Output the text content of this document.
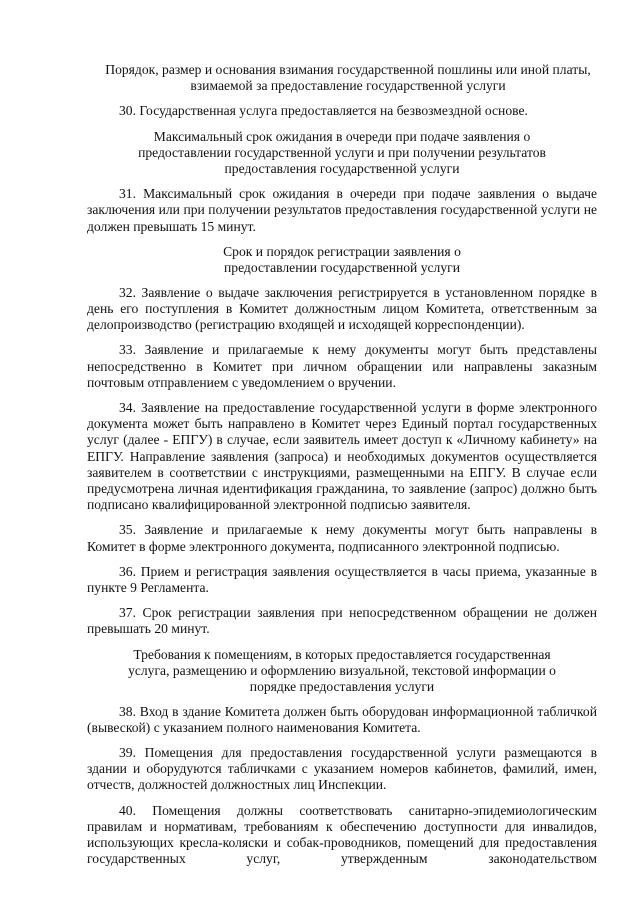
Порядок, размер и основания взимания государственной пошлины или иной платы, взимаемой за предоставление государственной услуги

30. Государственная услуга предоставляется на безвозмездной основе.

Максимальный срок ожидания в очереди при подаче заявления о предоставлении государственной услуги и при получении результатов предоставления государственной услуги

31. Максимальный срок ожидания в очереди при подаче заявления о выдаче заключения или при получении результатов предоставления государственной услуги не должен превышать 15 минут.

Срок и порядок регистрации заявления о предоставлении государственной услуги

32. Заявление о выдаче заключения регистрируется в установленном порядке в день его поступления в Комитет должностным лицом Комитета, ответственным за делопроизводство (регистрацию входящей и исходящей корреспонденции).

33. Заявление и прилагаемые к нему документы могут быть представлены непосредственно в Комитет при личном обращении или направлены заказным почтовым отправлением с уведомлением о вручении.

34. Заявление на предоставление государственной услуги в форме электронного документа может быть направлено в Комитет через Единый портал государственных услуг (далее - ЕПГУ) в случае, если заявитель имеет доступ к «Личному кабинету» на ЕПГУ. Направление заявления (запроса) и необходимых документов осуществляется заявителем в соответствии с инструкциями, размещенными на ЕПГУ. В случае если предусмотрена личная идентификация гражданина, то заявление (запрос) должно быть подписано квалифицированной электронной подписью заявителя.

35. Заявление и прилагаемые к нему документы могут быть направлены в Комитет в форме электронного документа, подписанного электронной подписью.

36. Прием и регистрация заявления осуществляется в часы приема, указанные в пункте 9 Регламента.

37. Срок регистрации заявления при непосредственном обращении не должен превышать 20 минут.

Требования к помещениям, в которых предоставляется государственная услуга, размещению и оформлению визуальной, текстовой информации о порядке предоставления услуги

38. Вход в здание Комитета должен быть оборудован информационной табличкой (вывеской) с указанием полного наименования Комитета.

39. Помещения для предоставления государственной услуги размещаются в здании и оборудуются табличками с указанием номеров кабинетов, фамилий, имен, отчеств, должностей должностных лиц Инспекции.

40. Помещения должны соответствовать санитарно-эпидемиологическим правилам и нормативам, требованиям к обеспечению доступности для инвалидов, использующих кресла-коляски и собак-проводников, помещений для предоставления государственных услуг, утвержденным законодательством
